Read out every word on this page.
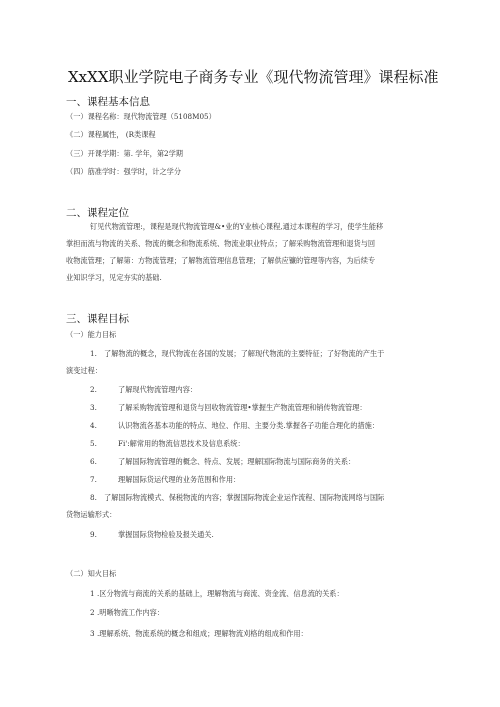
XxXX职业学院电子商务专业《现代物流管理》课程标准
一、课程基本信息
（一）课程名称：现代物流管理（5108M05）
《二）课程属性， (R类课程
（三）开课学期：第. 学年，第2学期
（四）筋准学时：强学时，计之学分
二、课程定位
钉见代物流管理:，课程是现代物流管理&•业的Y业核心课程,通过本课程的学习，使学生能移
掌担而流与物流的关系、物流的概念和物流系统、物流业职业特点；了解采购物流管理和退货与回
收物流管理；了解第：方物流管理；了解物流管理信息管理；了解供应镰的管理等内容，为后续专
业知识学习，见定夯实的基础.
三、课程目标
（一）能力目标
1. 了解物流的概念，现代物流在各国的发展；了解现代物流的主要特征；了好物流的产生于
演变过程：
2.	了解现代物流管理内容：
3.	了解采购物流管理和退货与回收物流管理•掌握生产物流管理和销传物流管理：
4.	认识物流各基本功能的特点、地位、作用、主要分类.掌握各子功能合理化的措施：
5.	Fi':解常用的物流信思技术及信息系统：
6.	了解国际物流管理的概念、特点、发展；理解国际物流与国际商务的关系：
7.	理解国际货运代理的业务范围和作用：
8. 了解国际物流模式、保税物流的内容；掌握国际物流企业运作流程、国际物流网络与国际
货物运输形式：
9.	掌握国际货物检验及报关通关.
（二）知火目标
1 .区分物流与商流的关系的基础上，理解物流与商流、资金流、信息流的关系：
2 .明晰物流工作内容：
3 .理解系统、物流系统的概念和组成；理解物流刈格的组成和作用：
